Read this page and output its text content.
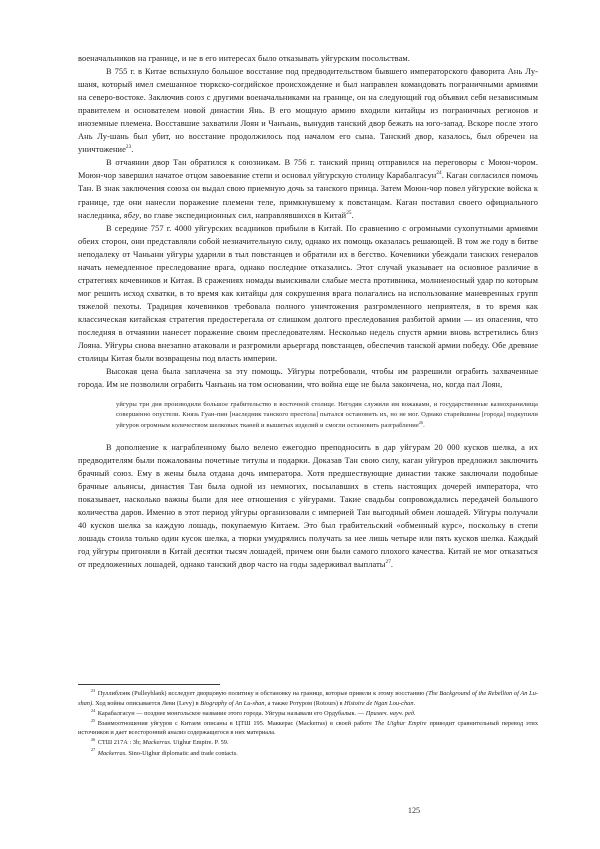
военачальников на границе, и не в его интересах было отказывать уйгурским посольствам.

В 755 г. в Китае вспыхнуло большое восстание под предводительством бывшего императорского фаворита Ань Лу-шаня, который имел смешанное тюркско-согдийское происхождение и был направлен командовать пограничными армиями на северо-востоке. Заключив союз с другими военачальниками на границе, он на следующий год объявил себя независимым правителем и основателем новой династии Янь. В его мощную армию входили китайцы из пограничных регионов и иноземные племена. Восставшие захватили Лоян и Чанъань, вынудив танский двор бежать на юго-запад. Вскоре после этого Ань Лу-шань был убит, но восстание продолжилось под началом его сына. Танский двор, казалось, был обречен на уничтожение$^{23}$.

В отчаянии двор Тан обратился к союзникам. В 756 г. танский принц отправился на переговоры с Моюн-чором. Моюн-чор завершил начатое отцом завоевание степи и основал уйгурскую столицу Карабалгасун$^{24}$. Каган согласился помочь Тан. В знак заключения союза он выдал свою приемную дочь за танского принца. Затем Моюн-чор повел уйгурские войска к границе, где они нанесли поражение племени теле, примкнувшему к повстанцам. Каган поставил своего официального наследника, ябгу, во главе экспедиционных сил, направлявшихся в Китай$^{25}$.

В середине 757 г. 4000 уйгурских всадников прибыли в Китай. По сравнению с огромными сухопутными армиями обеих сторон, они представляли собой незначительную силу, однако их помощь оказалась решающей. В том же году в битве неподалеку от Чаньани уйгуры ударили в тыл повстанцев и обратили их в бегство. Кочевники убеждали танских генералов начать немедленное преследование врага, однако последние отказались. Этот случай указывает на основное различие в стратегиях кочевников и Китая. В сражениях номады выискивали слабые места противника, молниеносный удар по которым мог решить исход схватки, в то время как китайцы для сокрушения врага полагались на использование маневренных групп тяжелой пехоты. Традиция кочевников требовала полного уничтожения разгромленного неприятеля, в то время как классическая китайская стратегия предостерегала от слишком долгого преследования разбитой армии — из опасения, что последняя в отчаянии нанесет поражение своим преследователям. Несколько недель спустя армии вновь встретились близ Лояна. Уйгуры снова внезапно атаковали и разгромили арьергард повстанцев, обеспечив танской армии победу. Обе древние столицы Китая были возвращены под власть империи.

Высокая цена была заплачена за эту помощь. Уйгуры потребовали, чтобы им разрешили ограбить захваченные города. Им не позволили ограбить Чанъань на том основании, что война еще не была закончена, но, когда пал Лоян,

уйгуры три дня производили большое грабительство в восточной столице. Негодяи служили им вожаками, и государственные казнохранилища совершенно опустели. Князь Гуан-пин [наследник танского престола] пытался остановить их, но не мог. Однако старейшины [города] подкупили уйгуров огромным количеством шелковых тканей и вышитых изделий и смогли остановить разграбление$^{26}$.

В дополнение к награбленному было велено ежегодно преподносить в дар уйгурам 20 000 кусков шелка, а их предводителям были пожалованы почетные титулы и подарки. Доказав Тан свою силу, каган уйгуров предложил заключить брачный союз. Ему в жены была отдана дочь императора. Хотя предшествующие династии также заключали подобные брачные альянсы, династия Тан была одной из немногих, посылавших в степь настоящих дочерей императора, что показывает, насколько важны были для нее отношения с уйгурами. Такие свадьбы сопровождались передачей большого количества даров. Именно в этот период уйгуры организовали с империей Тан выгодный обмен лошадей. Уйгуры получали 40 кусков шелка за каждую лошадь, покупаемую Китаем. Это был грабительский «обменный курс», поскольку в степи лошадь стоила только один кусок шелка, а тюрки умудрялись получать за нее лишь четыре или пять кусков шелка. Каждый год уйгуры пригоняли в Китай десятки тысяч лошадей, причем они были самого плохого качества. Китай не мог отказаться от предложенных лошадей, однако танский двор часто на годы задерживал выплаты$^{27}$.

$^{23}$ Пуллиблэнк (Pulleyblank) исследует дворцовую политику и обстановку на границе, которые привели к этому восстанию (The Background of the Rebellion of An Lu-shan). Ход войны описывается Леви (Levy) в Biography of An Lu-shan, а также Ротуром (Rotours) в Histoire de Ngan Lou-chan.

$^{24}$ Карабалгасун — позднее монгольское название этого города. Уйгуры называли его Ордубалык. — Примеч. науч. ред.

$^{25}$ Взаимоотношения уйгуров с Китаем описаны в ЦТШ 195. Маккерас (Mackerras) в своей работе The Uighur Empire приводит сравнительный перевод этих источников и дает всесторонний анализ содержащегося в них материала.

$^{26}$ СТШ 217А : 3b; Mackerras. Uighur Empire. P. 59.

$^{27}$ Mackerras. Sino-Uighur diplomatic and trade contacts.

125
